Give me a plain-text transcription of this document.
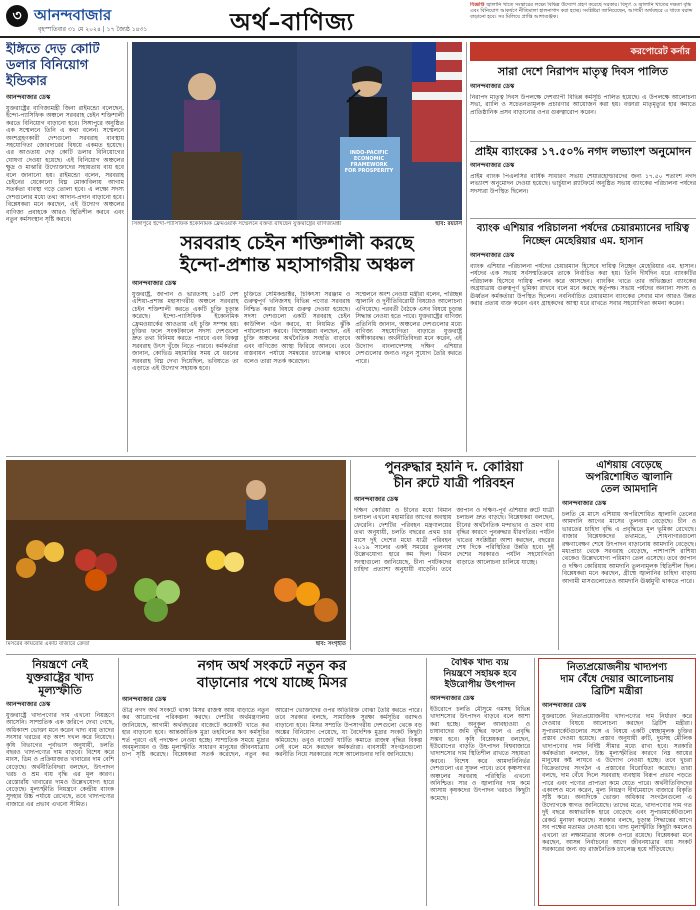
৩ আনন্দবাজার
বৃহস্পতিবার ৩১ মে ২০২৪ | ১৭ জ্যৈষ্ঠ ১৪৩১	অর্থ–বাণিজ্য
বিজ্ঞপ্তি জ্বালানি খাতে সংস্কারের লক্ষ্যে বিভিন্ন উদ্যোগ গ্রহণ করেছে সরকার। বিদ্যুৎ ও জ্বালানি খাতের দক্ষতা বৃদ্ধি এবং বিনিয়োগ আকর্ষণে নীতিমালা হালনাগাদ করা হচ্ছে। সংশ্লিষ্টরা জানিয়েছেন, আগামী অর্থবছরে এ খাতে বরাদ্দ বাড়ানো হবে। সব মিলিয়ে প্রাপ্তি আশাব্যঞ্জক।
ইঙ্গিতে দেড় কোটি ডলার বিনিয়োগ ইন্ডিকার
আনন্দবাজার ডেস্ক
যুক্তরাষ্ট্রের বাণিজ্যমন্ত্রী জিনা রাইমন্ডো বলেছেন, ইন্দো-প্যাসিফিক অঞ্চলে সরবরাহ চেইন শক্তিশালী করতে বিনিয়োগ বাড়ানো হবে। সিঙ্গাপুরে অনুষ্ঠিত এক সম্মেলনে তিনি এ কথা বলেন। সম্মেলনে অংশগ্রহণকারী দেশগুলো সরবরাহ ব্যবস্থায় সহযোগিতা জোরদারের বিষয়ে একমত হয়েছে। এর আওতায় দেড় কোটি ডলার বিনিয়োগের ঘোষণা দেওয়া হয়েছে। এই বিনিয়োগ অঞ্চলের ক্ষুদ্র ও মাঝারি উদ্যোক্তাদের সহায়তায় ব্যয় হবে বলে জানানো হয়। রাইমন্ডো বলেন, সরবরাহ চেইনের যেকোনো বিঘ্ন মোকাবিলায় আগাম সতর্কতা ব্যবস্থা গড়ে তোলা হবে। এ লক্ষ্যে সদস্য দেশগুলোর মধ্যে তথ্য আদান-প্রদান বাড়ানো হবে। বিশ্লেষকরা মনে করছেন, এই উদ্যোগ অঞ্চলের বাণিজ্য প্রবাহকে আরও স্থিতিশীল করবে এবং নতুন কর্মসংস্থান সৃষ্টি করবে।
INDO-PACIFIC ECONOMIC FRAMEWORK FOR PROSPERITY
সিঙ্গাপুরে ইন্দো-প্যাসিফিক ইকোনমিক ফ্রেমওয়ার্ক সম্মেলনে বক্তব্য রাখছেন যুক্তরাষ্ট্রের বাণিজ্যমন্ত্রী	ছবি: রয়টার্স
সরবরাহ চেইন শক্তিশালী করছে
ইন্দো-প্রশান্ত মহাসাগরীয় অঞ্চল
আনন্দবাজার ডেস্ক
যুক্তরাষ্ট্র, জাপান ও ভারতসহ ১৪টি দেশ এশিয়া-প্রশান্ত মহাসাগরীয় অঞ্চলে সরবরাহ চেইন শক্তিশালী করতে একটি চুক্তি চূড়ান্ত করেছে। ইন্দো-প্যাসিফিক ইকোনমিক ফ্রেমওয়ার্কের আওতায় এই চুক্তি সম্পন্ন হয়। চুক্তির ফলে সংকটকালে সদস্য দেশগুলো দ্রুত তথ্য বিনিময় করতে পারবে এবং বিকল্প সরবরাহ উৎস খুঁজে নিতে পারবে। কর্মকর্তারা জানান, কোভিড মহামারির সময় যে ধরনের সরবরাহ বিঘ্ন দেখা দিয়েছিল, ভবিষ্যতে তা এড়াতে এই উদ্যোগ সহায়ক হবে।
চুক্তিতে সেমিকন্ডাক্টর, চিকিৎসা সরঞ্জাম ও গুরুত্বপূর্ণ খনিজসহ বিভিন্ন পণ্যের সরবরাহ নিশ্চিত করার বিষয়ে গুরুত্ব দেওয়া হয়েছে। সদস্য দেশগুলো একটি সরবরাহ চেইন কাউন্সিল গঠন করবে, যা নিয়মিত ঝুঁকি পর্যালোচনা করবে। বিশেষজ্ঞরা বলছেন, এই চুক্তি অঞ্চলের অর্থনৈতিক সংহতি বাড়াবে এবং বাণিজ্যে আস্থা ফিরিয়ে আনবে। তবে বাস্তবায়ন পর্যায়ে সমন্বয়ের চ্যালেঞ্জ থাকবে বলেও তারা সতর্ক করেছেন।
সম্মেলনে অংশ নেওয়া মন্ত্রীরা বলেন, পরিচ্ছন্ন জ্বালানি ও দুর্নীতিবিরোধী বিষয়েও আলোচনা এগিয়েছে। পরবর্তী বৈঠকে এসব বিষয়ে চূড়ান্ত সিদ্ধান্ত নেওয়া হতে পারে। যুক্তরাষ্ট্রের বাণিজ্য প্রতিনিধি জানান, অঞ্চলের দেশগুলোর মধ্যে বাণিজ্য সহযোগিতা বাড়াতে যুক্তরাষ্ট্র অঙ্গীকারবদ্ধ। অর্থনীতিবিদরা মনে করেন, এই উদ্যোগ বাংলাদেশসহ দক্ষিণ এশিয়ার দেশগুলোর জন্যও নতুন সুযোগ তৈরি করতে পারে।
করপোরেট কর্নার
সারা দেশে নিরাপদ মাতৃত্ব দিবস পালিত
আনন্দবাজার ডেস্ক
নিরাপদ মাতৃত্ব দিবস উপলক্ষে দেশব্যাপী বিভিন্ন কর্মসূচি পালিত হয়েছে। এ উপলক্ষে আলোচনা সভা, র‍্যালি ও সচেতনতামূলক প্রচারণার আয়োজন করা হয়। বক্তারা মাতৃমৃত্যুর হার কমাতে প্রাতিষ্ঠানিক প্রসব বাড়ানোর ওপর গুরুত্বারোপ করেন।
প্রাইম ব্যাংকের ১৭.৫০% নগদ লভ্যাংশ অনুমোদন
আনন্দবাজার ডেস্ক
প্রাইম ব্যাংক পিএলসির বার্ষিক সাধারণ সভায় শেয়ারহোল্ডারদের জন্য ১৭.৫০ শতাংশ নগদ লভ্যাংশ অনুমোদন দেওয়া হয়েছে। ভার্চুয়াল প্ল্যাটফর্মে অনুষ্ঠিত সভায় ব্যাংকের পরিচালনা পর্ষদের সদস্যরা উপস্থিত ছিলেন।
ব্যাংক এশিয়ার পরিচালনা পর্ষদের চেয়ারম্যানের দায়িত্ব নিচ্ছেন মেহেরিয়ার এম. হাসান
আনন্দবাজার ডেস্ক
ব্যাংক এশিয়ার পরিচালনা পর্ষদের চেয়ারম্যান হিসেবে দায়িত্ব নিচ্ছেন মেহেরিয়ার এম. হাসান। পর্ষদের এক সভায় সর্বসম্মতিক্রমে তাকে নির্বাচিত করা হয়। তিনি দীর্ঘদিন ধরে ব্যাংকটির পরিচালক হিসেবে দায়িত্ব পালন করে আসছেন। ব্যাংকিং খাতে তার অভিজ্ঞতা ব্যাংকের অগ্রযাত্রায় গুরুত্বপূর্ণ ভূমিকা রাখবে বলে মনে করছে কর্তৃপক্ষ। সভায় পর্ষদের অন্যান্য সদস্য ও ঊর্ধ্বতন কর্মকর্তারা উপস্থিত ছিলেন। নবনির্বাচিত চেয়ারম্যান ব্যাংকের সেবার মান আরও উন্নত করার প্রত্যয় ব্যক্ত করেন এবং গ্রাহকদের আস্থা ধরে রাখতে সবার সহযোগিতা কামনা করেন।
মিসরের কায়রোর একটি বাজারে ক্রেতা	ছবি: সংগৃহীত
পুনরুদ্ধার হয়নি দ. কোরিয়া
চীন রুটে যাত্রী পরিবহন
আনন্দবাজার ডেস্ক
দক্ষিণ কোরিয়া ও চীনের মধ্যে বিমান চলাচল এখনো মহামারির আগের অবস্থায় ফেরেনি। দেশটির পরিবহন মন্ত্রণালয়ের তথ্য অনুযায়ী, চলতি বছরের প্রথম চার মাসে দুই দেশের মধ্যে যাত্রী পরিবহন ২০১৯ সালের একই সময়ের তুলনায় উল্লেখযোগ্য হারে কম ছিল। বিমান সংস্থাগুলো জানিয়েছে, চীনা পর্যটকদের চাহিদা প্রত্যাশা অনুযায়ী বাড়েনি। তবে জাপান ও দক্ষিণ-পূর্ব এশিয়ার রুটে যাত্রী চলাচল দ্রুত বাড়ছে। বিশ্লেষকরা বলছেন, চীনের অর্থনৈতিক মন্দাভাব ও ভ্রমণ ব্যয় বৃদ্ধির কারণে পুনরুদ্ধার ধীরগতির। পর্যটন খাতের সংশ্লিষ্টরা আশা করছেন, বছরের শেষ দিকে পরিস্থিতির উন্নতি হবে। দুই দেশের সরকারও পর্যটন সহযোগিতা বাড়াতে আলোচনা চালিয়ে যাচ্ছে।
এশিয়ায় বেড়েছে
অপরিশোধিত জ্বালানি
তেল আমদানি
আনন্দবাজার ডেস্ক
চলতি মে মাসে এশিয়ায় অপরিশোধিত জ্বালানি তেলের আমদানি আগের মাসের তুলনায় বেড়েছে। চীন ও ভারতের চাহিদা বৃদ্ধি এ প্রবৃদ্ধিতে মূল ভূমিকা রেখেছে। বাজার বিশ্লেষকদের তথ্যমতে, শোধনাগারগুলো রক্ষণাবেক্ষণ শেষে উৎপাদন বাড়ানোয় আমদানি বেড়েছে। মধ্যপ্রাচ্য থেকে সরবরাহ বেড়েছে, পাশাপাশি রাশিয়া থেকেও উল্লেখযোগ্য পরিমাণ তেল এসেছে। তবে জাপান ও দক্ষিণ কোরিয়ায় আমদানি তুলনামূলক স্থিতিশীল ছিল। বিশ্লেষকরা মনে করছেন, গ্রীষ্মে জ্বালানির চাহিদা বাড়ায় আগামী মাসগুলোতেও আমদানি ঊর্ধ্বমুখী থাকতে পারে।
নিয়ন্ত্রণে নেই
যুক্তরাষ্ট্রের খাদ্য মূল্যস্ফীতি
আনন্দবাজার ডেস্ক
যুক্তরাষ্ট্রে খাদ্যপণ্যের দাম এখনো নিয়ন্ত্রণে আসেনি। সাম্প্রতিক এক জরিপে দেখা গেছে, অধিকাংশ ভোক্তা মনে করেন খাদ্য ব্যয় তাদের সংসার খরচের বড় অংশ দখল করে নিয়েছে। কৃষি বিভাগের পূর্বাভাস অনুযায়ী, চলতি বছরও খাদ্যপণ্যের দাম বাড়বে। বিশেষ করে মাংস, ডিম ও প্রক্রিয়াজাত খাবারের দাম বেশি বেড়েছে। অর্থনীতিবিদরা বলছেন, উৎপাদন খরচ ও শ্রম ব্যয় বৃদ্ধি এর মূল কারণ। রেস্তোরাঁয় খাবারের দামও উল্লেখযোগ্য হারে বেড়েছে। মূল্যস্ফীতি নিয়ন্ত্রণে কেন্দ্রীয় ব্যাংক সুদহার উচ্চ পর্যায়ে রেখেছে, তবে খাদ্যপণ্যের বাজারে এর প্রভাব এখনো সীমিত।
নগদ অর্থ সংকটে নতুন কর
বাড়ানোর পথে যাচ্ছে মিসর
আনন্দবাজার ডেস্ক
তীব্র নগদ অর্থ সংকটে থাকা মিসর রাজস্ব আয় বাড়াতে নতুন কর আরোপের পরিকল্পনা করছে। দেশটির অর্থমন্ত্রণালয় জানিয়েছে, আগামী অর্থবছরের বাজেটে কয়েকটি খাতে কর হার বাড়ানো হবে। আন্তর্জাতিক মুদ্রা তহবিলের ঋণ কর্মসূচির শর্ত পূরণে এই পদক্ষেপ নেওয়া হচ্ছে। সাম্প্রতিক সময়ে মুদ্রার অবমূল্যায়ন ও উচ্চ মূল্যস্ফীতি সাধারণ মানুষের জীবনযাত্রায় চাপ সৃষ্টি করেছে। বিশ্লেষকরা সতর্ক করেছেন, নতুন কর আরোপ ভোক্তাদের ওপর অতিরিক্ত বোঝা তৈরি করতে পারে। তবে সরকার বলছে, সামাজিক সুরক্ষা কর্মসূচির বরাদ্দও বাড়ানো হবে। মিসর সম্প্রতি উপসাগরীয় দেশগুলো থেকে বড় অঙ্কের বিনিয়োগ পেয়েছে, যা বৈদেশিক মুদ্রার সংকট কিছুটা কমিয়েছে। তবুও বাজেট ঘাটতি কমাতে রাজস্ব বৃদ্ধির বিকল্প নেই বলে মনে করছেন কর্মকর্তারা। ব্যবসায়ী সংগঠনগুলো করনীতি নিয়ে সরকারের সঙ্গে আলোচনার দাবি জানিয়েছে।
বৈশ্বিক খাদ্য ব্যয়
নিয়ন্ত্রণে সহায়ক হবে
ইউরোপীয় উৎপাদন
আনন্দবাজার ডেস্ক
ইউরোপে চলতি মৌসুমে গমসহ বিভিন্ন খাদ্যশস্যের উৎপাদন বাড়বে বলে আশা করা হচ্ছে। অনুকূল আবহাওয়া ও চাষাবাদের জমি বৃদ্ধির ফলে এ প্রবৃদ্ধি সম্ভব হবে। কৃষি বিশ্লেষকরা বলছেন, ইউরোপের বাড়তি উৎপাদন বিশ্ববাজারে খাদ্যশস্যের দাম স্থিতিশীল রাখতে সহায়তা করবে। বিশেষ করে আমদানিনির্ভর দেশগুলো এর সুফল পাবে। তবে কৃষ্ণসাগর অঞ্চলের সরবরাহ পরিস্থিতি এখনো অনিশ্চিত। সার ও জ্বালানির দাম কমে আসায় কৃষকদের উৎপাদন খরচও কিছুটা কমেছে।
নিত্যপ্রয়োজনীয় খাদ্যপণ্য
দাম বেঁধে দেয়ার আলোচনায়
ব্রিটিশ মন্ত্রীরা
আনন্দবাজার ডেস্ক
যুক্তরাজ্যে নিত্যপ্রয়োজনীয় খাদ্যপণ্যের দাম নির্ধারণ করে দেওয়ার বিষয়ে আলোচনা করছেন ব্রিটিশ মন্ত্রীরা। সুপারমার্কেটগুলোর সঙ্গে এ বিষয়ে একটি স্বেচ্ছামূলক চুক্তির প্রস্তাব দেওয়া হয়েছে। প্রস্তাব অনুযায়ী রুটি, দুধসহ মৌলিক খাদ্যপণ্যের দাম নির্দিষ্ট সীমার মধ্যে রাখা হবে। সরকারি কর্মকর্তারা বলছেন, উচ্চ মূল্যস্ফীতির কারণে নিম্ন আয়ের মানুষের কষ্ট লাঘবে এ উদ্যোগ নেওয়া হচ্ছে। তবে খুচরা বিক্রেতাদের সংগঠন এ প্রস্তাবের বিরোধিতা করেছে। তারা বলছে, দাম বেঁধে দিলে সরবরাহ ব্যবস্থায় বিরূপ প্রভাব পড়তে পারে এবং পণ্যের প্রাপ্যতা কমে যেতে পারে। অর্থনীতিবিদদের একাংশও মনে করেন, মূল্য নিয়ন্ত্রণ দীর্ঘমেয়াদে বাজারে বিকৃতি সৃষ্টি করে। অন্যদিকে ভোক্তা অধিকার সংগঠনগুলো এ উদ্যোগকে স্বাগত জানিয়েছে। তাদের মতে, খাদ্যপণ্যের দাম গত দুই বছরে অস্বাভাবিক হারে বেড়েছে এবং সুপারমার্কেটগুলো রেকর্ড মুনাফা করেছে। সরকার বলছে, চূড়ান্ত সিদ্ধান্তের আগে সব পক্ষের মতামত নেওয়া হবে। খাদ্য মূল্যস্ফীতি কিছুটা কমলেও এখনো তা লক্ষ্যমাত্রার অনেক ওপরে রয়েছে। বিশ্লেষকরা মনে করছেন, আসন্ন নির্বাচনের আগে জীবনযাত্রার ব্যয় সংকট সরকারের জন্য বড় রাজনৈতিক চ্যালেঞ্জ হয়ে দাঁড়িয়েছে।
